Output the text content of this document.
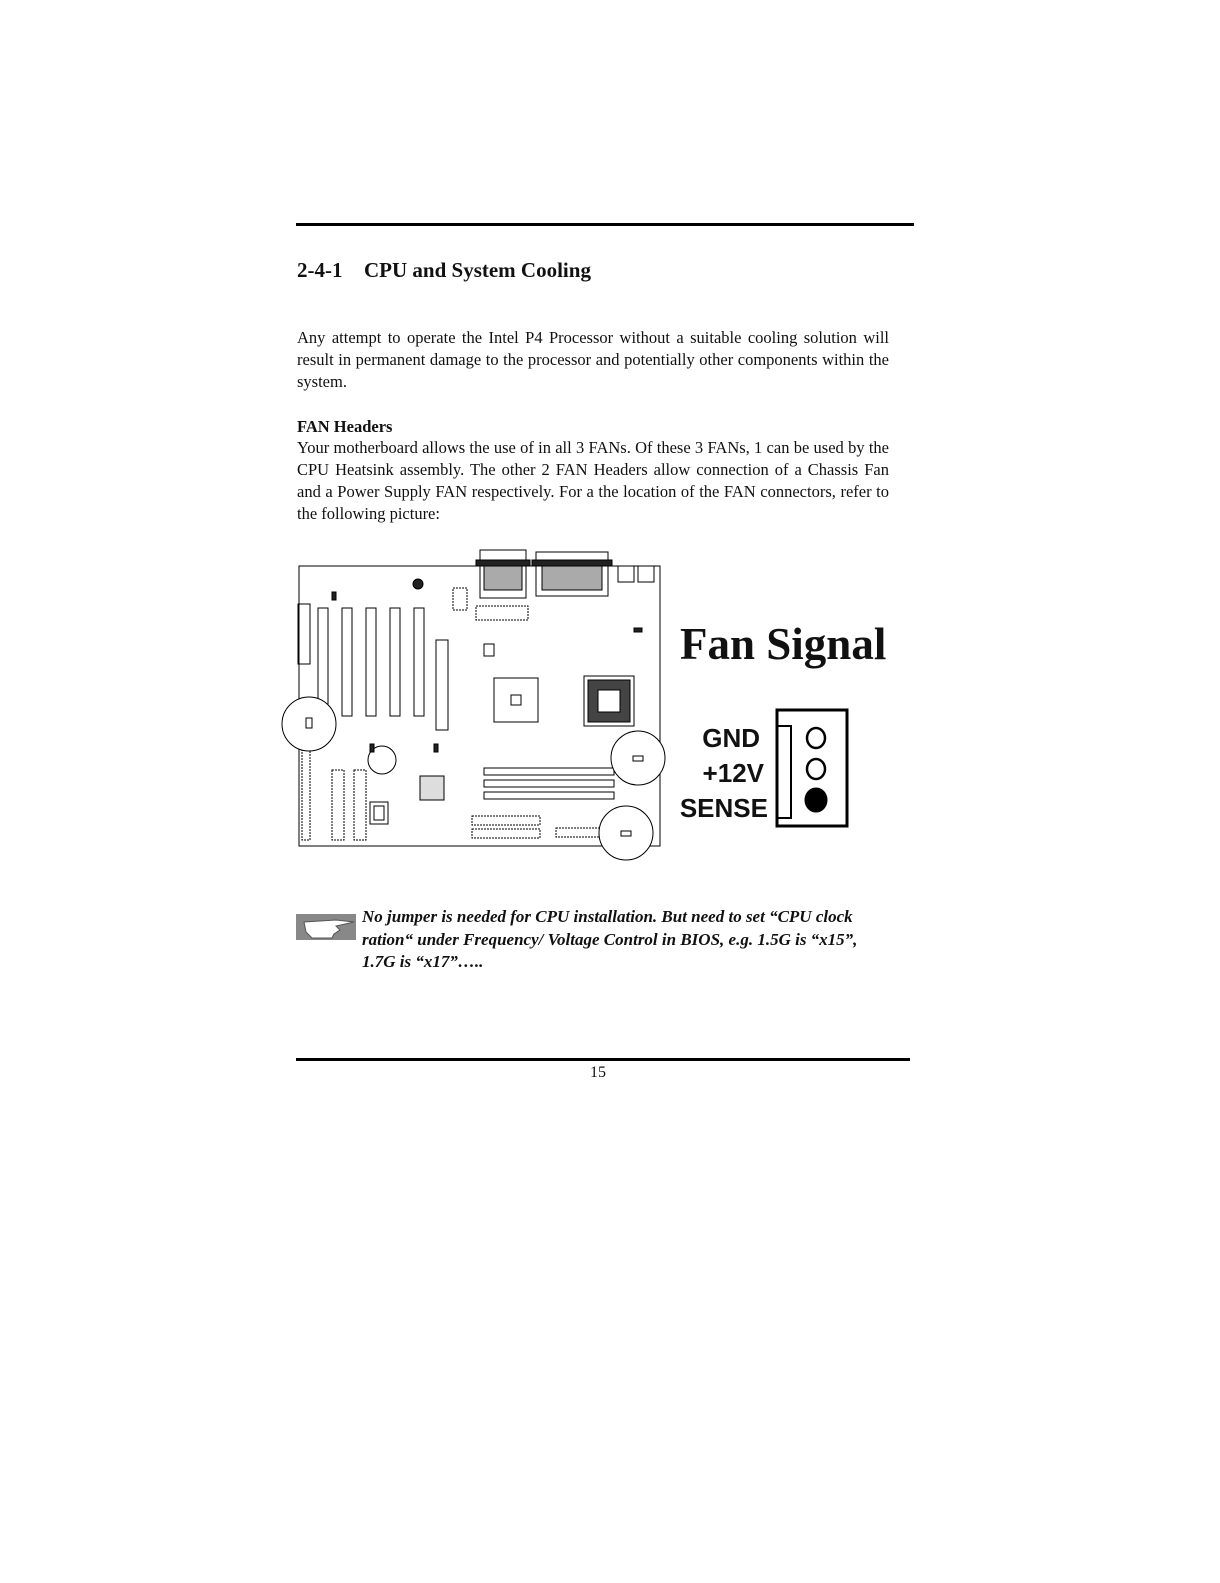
2-4-1 CPU and System Cooling

Any attempt to operate the Intel P4 Processor without a suitable cooling solution will result in permanent damage to the processor and potentially other components within the system.

FAN Headers

Your motherboard allows the use of in all 3 FANs. Of these 3 FANs, 1 can be used by the CPU Heatsink assembly. The other 2 FAN Headers allow connection of a Chassis Fan and a Power Supply FAN respectively. For a the location of the FAN connectors, refer to the following picture:

Fan Signal
GND
+12V
SENSE

No jumper is needed for CPU installation. But need to set “CPU clock ration“ under Frequency/ Voltage Control in BIOS, e.g. 1.5G is “x15”, 1.7G is “x17”…..

15
